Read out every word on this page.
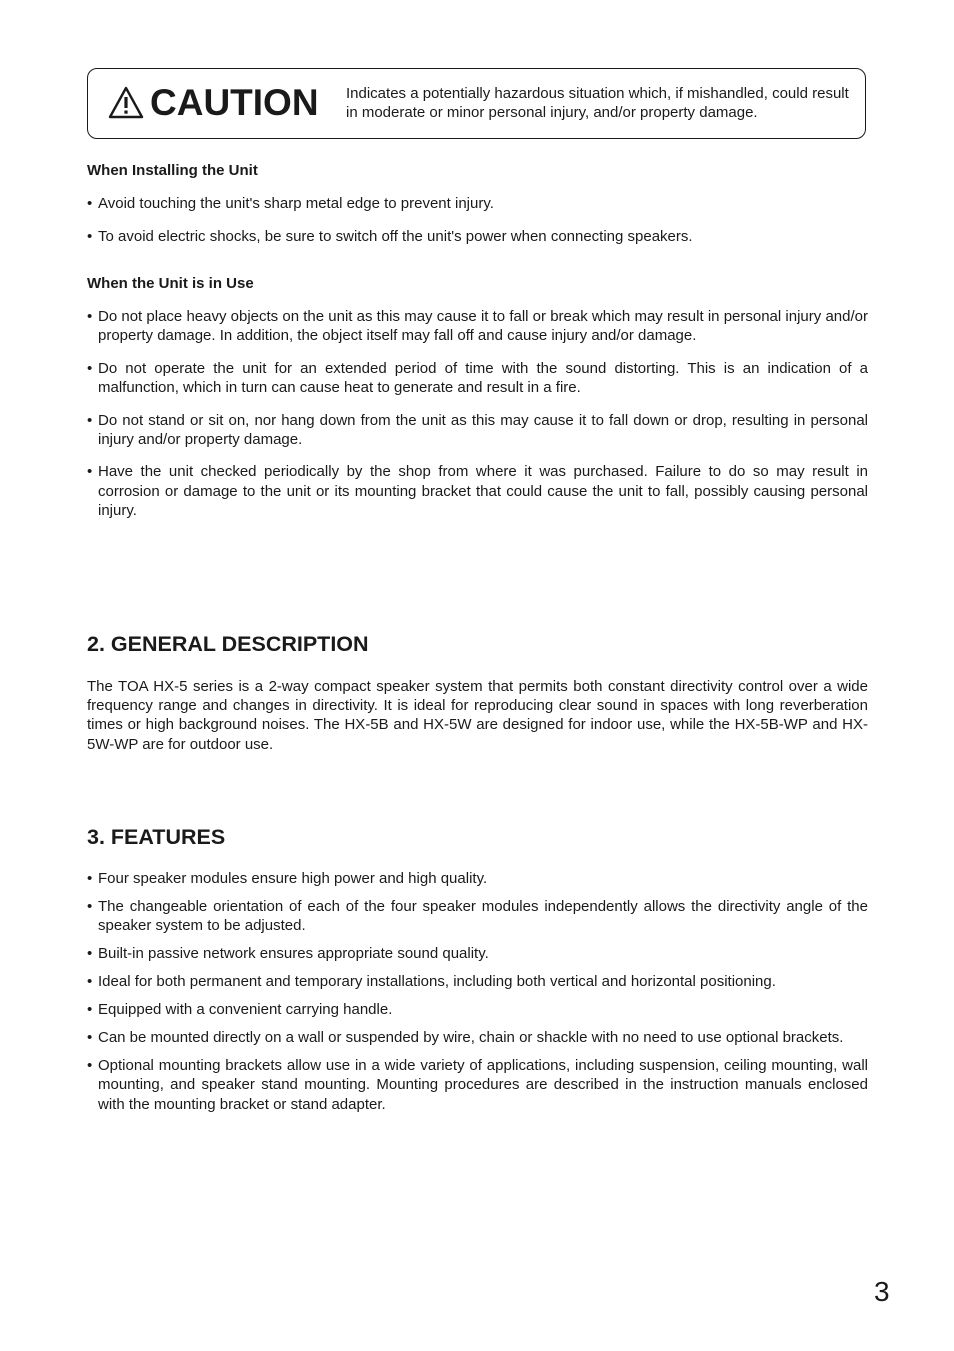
CAUTION Indicates a potentially hazardous situation which, if mishandled, could result in moderate or minor personal injury, and/or property damage.
When Installing the Unit
• Avoid touching the unit's sharp metal edge to prevent injury.
• To avoid electric shocks, be sure to switch off the unit's power when connecting speakers.
When the Unit is in Use
• Do not place heavy objects on the unit as this may cause it to fall or break which may result in personal injury and/or property damage. In addition, the object itself may fall off and cause injury and/or damage.
• Do not operate the unit for an extended period of time with the sound distorting. This is an indication of a malfunction, which in turn can cause heat to generate and result in a fire.
• Do not stand or sit on, nor hang down from the unit as this may cause it to fall down or drop, resulting in personal injury and/or property damage.
• Have the unit checked periodically by the shop from where it was purchased. Failure to do so may result in corrosion or damage to the unit or its mounting bracket that could cause the unit to fall, possibly causing personal injury.
2. GENERAL DESCRIPTION

The TOA HX-5 series is a 2-way compact speaker system that permits both constant directivity control over a wide frequency range and changes in directivity. It is ideal for reproducing clear sound in spaces with long reverberation times or high background noises. The HX-5B and HX-5W are designed for indoor use, while the HX-5B-WP and HX-5W-WP are for outdoor use.

3. FEATURES
• Four speaker modules ensure high power and high quality.
• The changeable orientation of each of the four speaker modules independently allows the directivity angle of the speaker system to be adjusted.
• Built-in passive network ensures appropriate sound quality.
• Ideal for both permanent and temporary installations, including both vertical and horizontal positioning.
• Equipped with a convenient carrying handle.
• Can be mounted directly on a wall or suspended by wire, chain or shackle with no need to use optional brackets.
• Optional mounting brackets allow use in a wide variety of applications, including suspension, ceiling mounting, wall mounting, and speaker stand mounting. Mounting procedures are described in the instruction manuals enclosed with the mounting bracket or stand adapter.
3
